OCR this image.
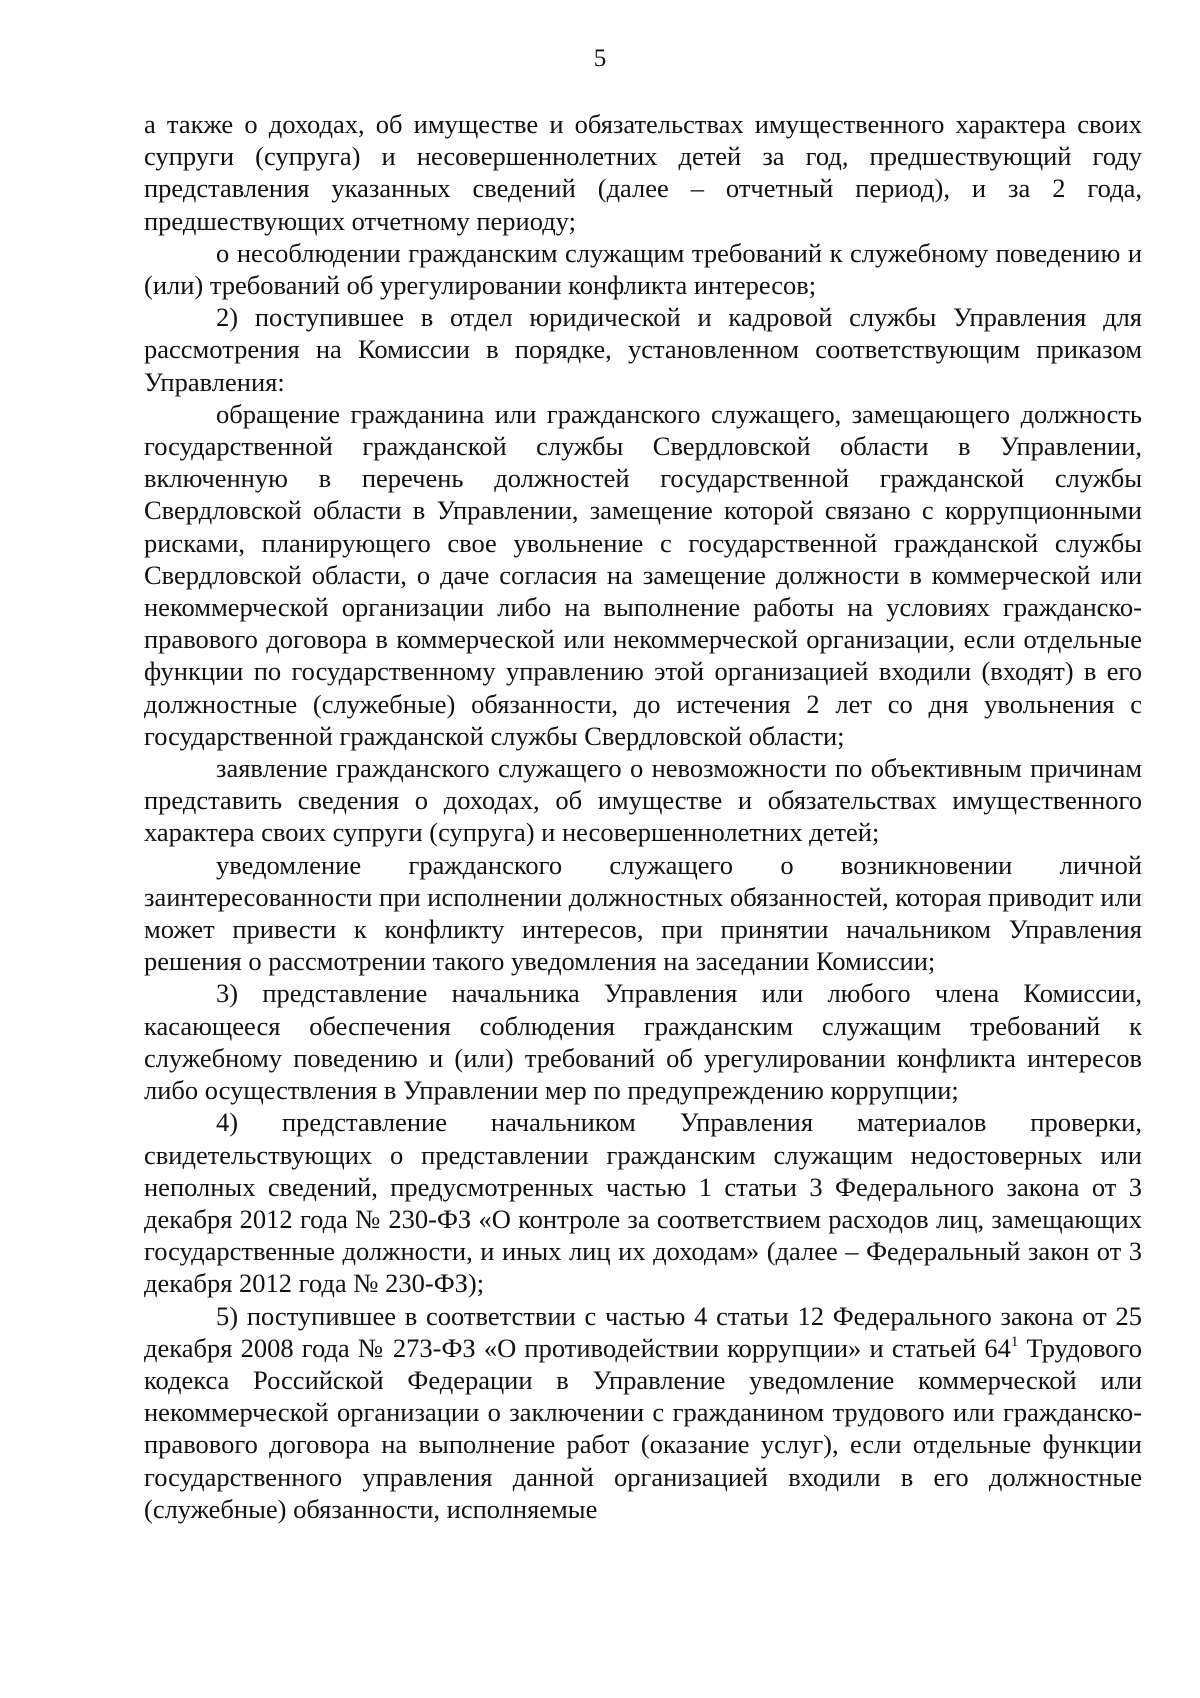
5

а также о доходах, об имуществе и обязательствах имущественного характера своих супруги (супруга) и несовершеннолетних детей за год, предшествующий году представления указанных сведений (далее – отчетный период), и за 2 года, предшествующих отчетному периоду;

о несоблюдении гражданским служащим требований к служебному поведению и (или) требований об урегулировании конфликта интересов;

2) поступившее в отдел юридической и кадровой службы Управления для рассмотрения на Комиссии в порядке, установленном соответствующим приказом Управления:

обращение гражданина или гражданского служащего, замещающего должность государственной гражданской службы Свердловской области в Управлении, включенную в перечень должностей государственной гражданской службы Свердловской области в Управлении, замещение которой связано с коррупционными рисками, планирующего свое увольнение с государственной гражданской службы Свердловской области, о даче согласия на замещение должности в коммерческой или некоммерческой организации либо на выполнение работы на условиях гражданско-правового договора в коммерческой или некоммерческой организации, если отдельные функции по государственному управлению этой организацией входили (входят) в его должностные (служебные) обязанности, до истечения 2 лет со дня увольнения с государственной гражданской службы Свердловской области;

заявление гражданского служащего о невозможности по объективным причинам представить сведения о доходах, об имуществе и обязательствах имущественного характера своих супруги (супруга) и несовершеннолетних детей;

уведомление гражданского служащего о возникновении личной заинтересованности при исполнении должностных обязанностей, которая приводит или может привести к конфликту интересов, при принятии начальником Управления решения о рассмотрении такого уведомления на заседании Комиссии;

3) представление начальника Управления или любого члена Комиссии, касающееся обеспечения соблюдения гражданским служащим требований к служебному поведению и (или) требований об урегулировании конфликта интересов либо осуществления в Управлении мер по предупреждению коррупции;

4) представление начальником Управления материалов проверки, свидетельствующих о представлении гражданским служащим недостоверных или неполных сведений, предусмотренных частью 1 статьи 3 Федерального закона от 3 декабря 2012 года № 230-ФЗ «О контроле за соответствием расходов лиц, замещающих государственные должности, и иных лиц их доходам» (далее – Федеральный закон от 3 декабря 2012 года № 230-ФЗ);

5) поступившее в соответствии с частью 4 статьи 12 Федерального закона от 25 декабря 2008 года № 273-ФЗ «О противодействии коррупции» и статьей $64^1$ Трудового кодекса Российской Федерации в Управление уведомление коммерческой или некоммерческой организации о заключении с гражданином трудового или гражданско-правового договора на выполнение работ (оказание услуг), если отдельные функции государственного управления данной организацией входили в его должностные (служебные) обязанности, исполняемые
